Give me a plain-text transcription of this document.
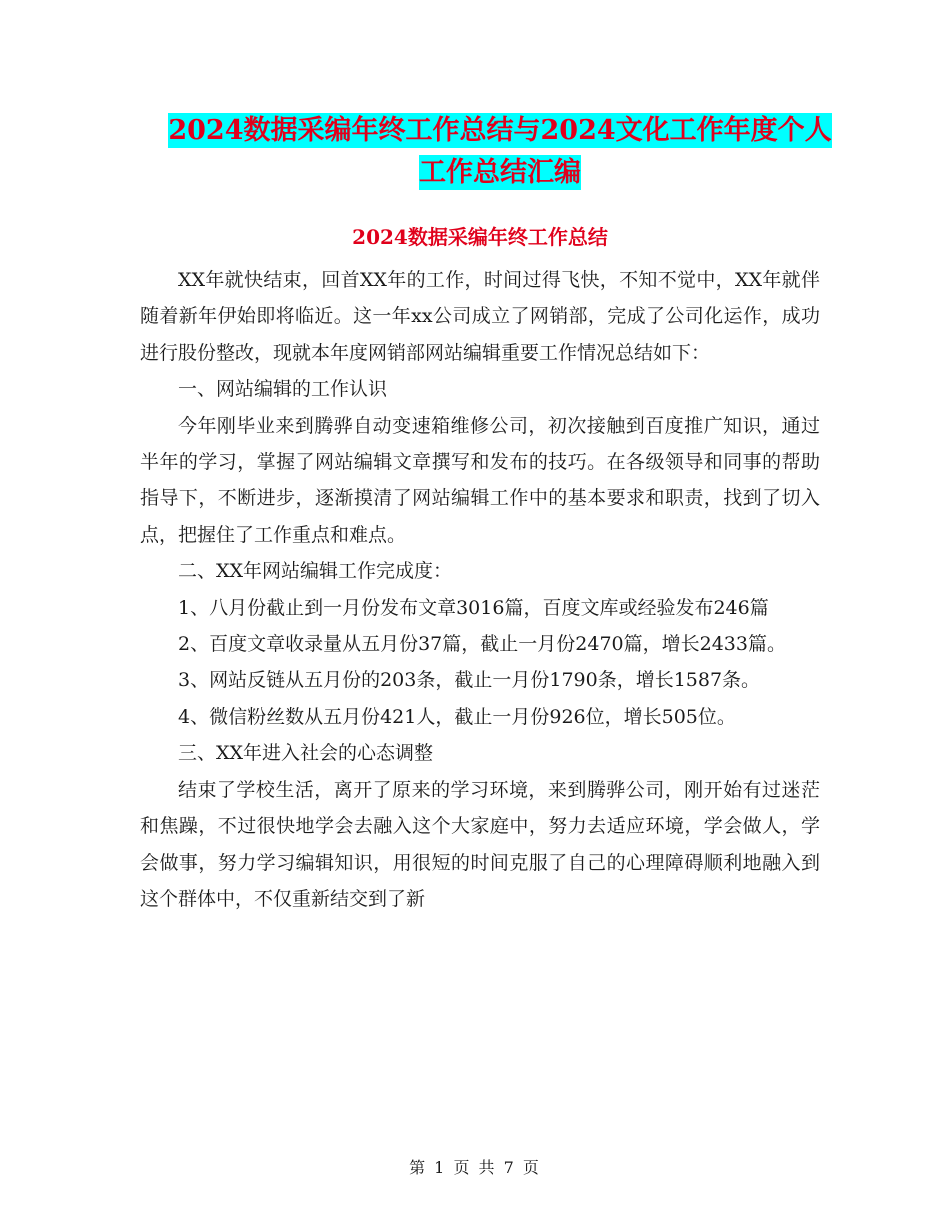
2024数据采编年终工作总结与2024文化工作年度个人
工作总结汇编
2024数据采编年终工作总结

XX年就快结束，回首XX年的工作，时间过得飞快，不知不觉中，XX年就伴随着新年伊始即将临近。这一年xx公司成立了网销部，完成了公司化运作，成功进行股份整改，现就本年度网销部网站编辑重要工作情况总结如下：

一、网站编辑的工作认识

今年刚毕业来到腾骅自动变速箱维修公司，初次接触到百度推广知识，通过半年的学习，掌握了网站编辑文章撰写和发布的技巧。在各级领导和同事的帮助指导下，不断进步，逐渐摸清了网站编辑工作中的基本要求和职责，找到了切入点，把握住了工作重点和难点。

二、XX年网站编辑工作完成度：

1、八月份截止到一月份发布文章3016篇，百度文库或经验发布246篇

2、百度文章收录量从五月份37篇，截止一月份2470篇，增长2433篇。

3、网站反链从五月份的203条，截止一月份1790条，增长1587条。

4、微信粉丝数从五月份421人，截止一月份926位，增长505位。

三、XX年进入社会的心态调整

结束了学校生活，离开了原来的学习环境，来到腾骅公司，刚开始有过迷茫和焦躁，不过很快地学会去融入这个大家庭中，努力去适应环境，学会做人，学会做事，努力学习编辑知识，用很短的时间克服了自己的心理障碍顺利地融入到这个群体中，不仅重新结交到了新

第 1 页 共 7 页
